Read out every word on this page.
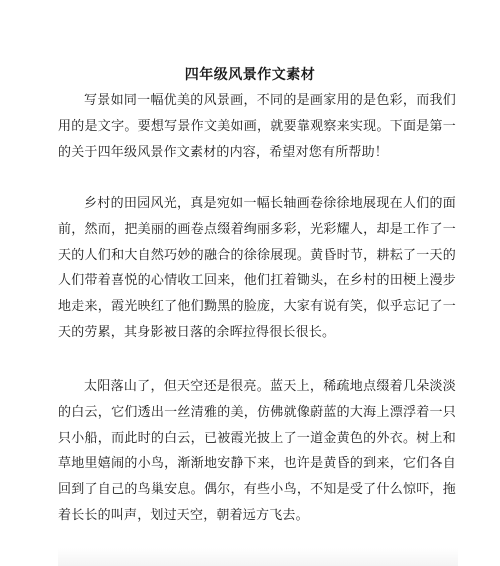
四年级风景作文素材

写景如同一幅优美的风景画，不同的是画家用的是色彩，而我们用的是文字。要想写景作文美如画，就要靠观察来实现。下面是第一的关于四年级风景作文素材的内容，希望对您有所帮助！

乡村的田园风光，真是宛如一幅长轴画卷徐徐地展现在人们的面前，然而，把美丽的画卷点缀着绚丽多彩，光彩耀人，却是工作了一天的人们和大自然巧妙的融合的徐徐展现。黄昏时节，耕耘了一天的人们带着喜悦的心情收工回来，他们扛着锄头，在乡村的田梗上漫步地走来，霞光映红了他们黝黑的脸庞，大家有说有笑，似乎忘记了一天的劳累，其身影被日落的余晖拉得很长很长。

太阳落山了，但天空还是很亮。蓝天上，稀疏地点缀着几朵淡淡的白云，它们透出一丝清雅的美，仿佛就像蔚蓝的大海上漂浮着一只只小船，而此时的白云，已被霞光披上了一道金黄色的外衣。树上和草地里嬉闹的小鸟，渐渐地安静下来，也许是黄昏的到来，它们各自回到了自己的鸟巢安息。偶尔，有些小鸟，不知是受了什么惊吓，拖着长长的叫声，划过天空，朝着远方飞去。
